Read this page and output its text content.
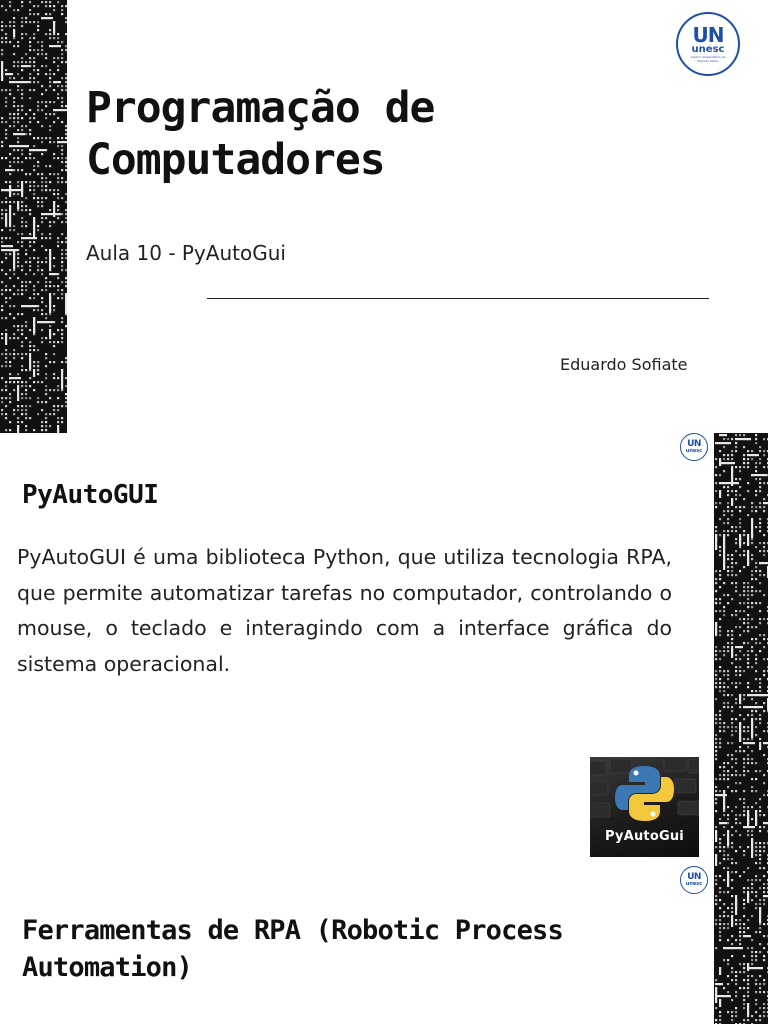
UN
unesc
Centro Universitário do Espírito Santo
Programação de Computadores

Aula 10 - PyAutoGui

Eduardo Sofiate

UN
unesc
PyAutoGUI

PyAutoGUI é uma biblioteca Python, que utiliza tecnologia RPA, que permite automatizar tarefas no computador, controlando o mouse, o teclado e interagindo com a interface gráfica do sistema operacional.

PyAutoGui
UN
unesc
Ferramentas de RPA (Robotic Process Automation)
